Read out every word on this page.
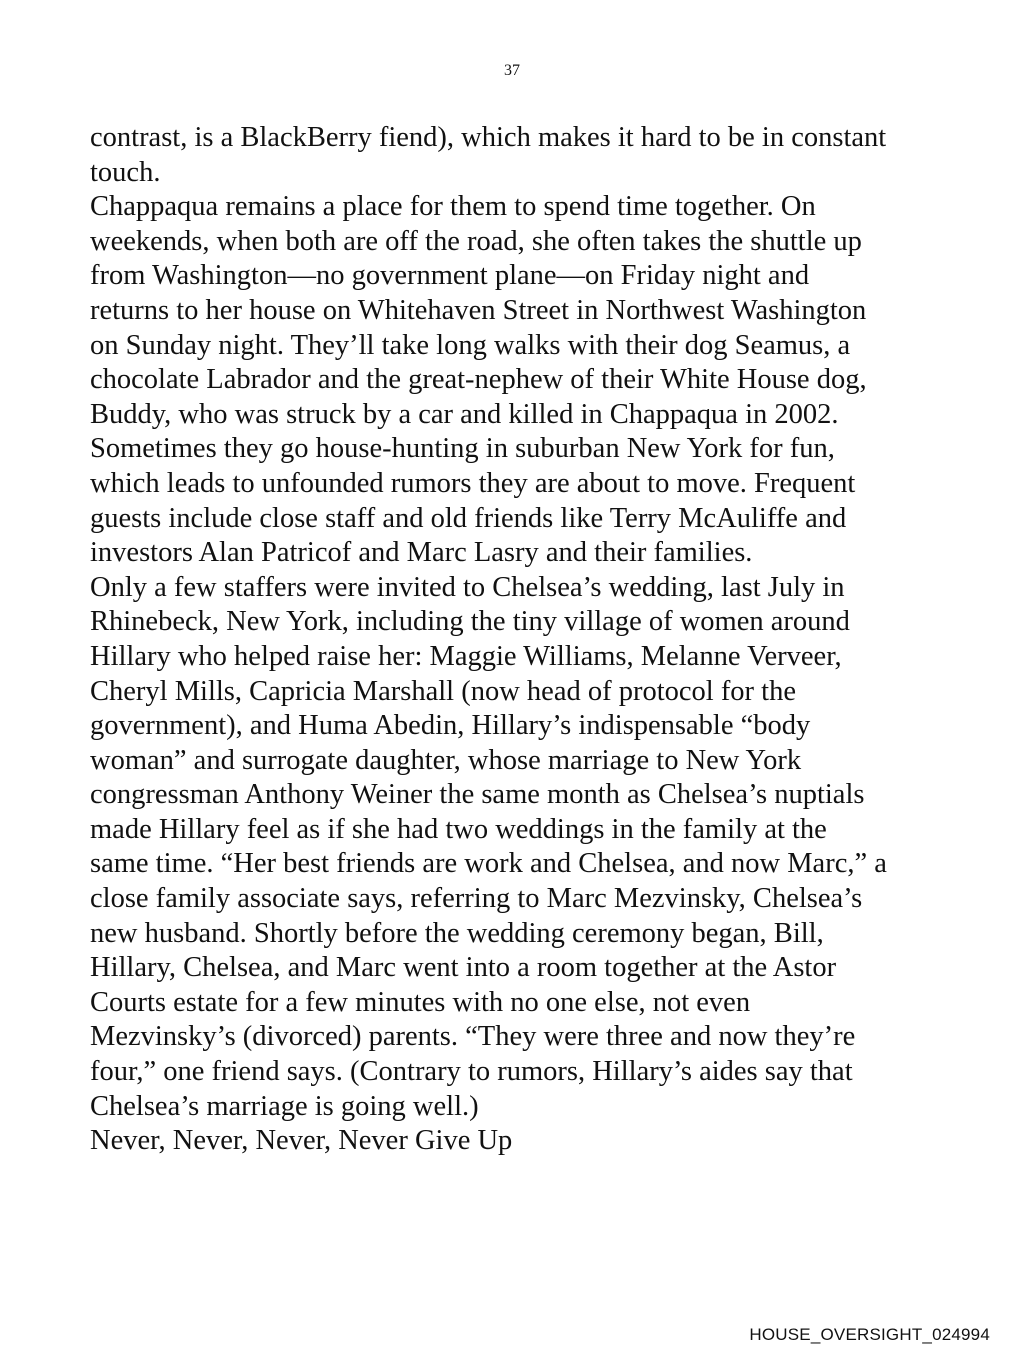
37
contrast, is a BlackBerry fiend), which makes it hard to be in constant
touch.
Chappaqua remains a place for them to spend time together. On
weekends, when both are off the road, she often takes the shuttle up
from Washington—no government plane—on Friday night and
returns to her house on Whitehaven Street in Northwest Washington
on Sunday night. They’ll take long walks with their dog Seamus, a
chocolate Labrador and the great-nephew of their White House dog,
Buddy, who was struck by a car and killed in Chappaqua in 2002.
Sometimes they go house-hunting in suburban New York for fun,
which leads to unfounded rumors they are about to move. Frequent
guests include close staff and old friends like Terry McAuliffe and
investors Alan Patricof and Marc Lasry and their families.
Only a few staffers were invited to Chelsea’s wedding, last July in
Rhinebeck, New York, including the tiny village of women around
Hillary who helped raise her: Maggie Williams, Melanne Verveer,
Cheryl Mills, Capricia Marshall (now head of protocol for the
government), and Huma Abedin, Hillary’s indispensable “body
woman” and surrogate daughter, whose marriage to New York
congressman Anthony Weiner the same month as Chelsea’s nuptials
made Hillary feel as if she had two weddings in the family at the
same time. “Her best friends are work and Chelsea, and now Marc,” a
close family associate says, referring to Marc Mezvinsky, Chelsea’s
new husband. Shortly before the wedding ceremony began, Bill,
Hillary, Chelsea, and Marc went into a room together at the Astor
Courts estate for a few minutes with no one else, not even
Mezvinsky’s (divorced) parents. “They were three and now they’re
four,” one friend says. (Contrary to rumors, Hillary’s aides say that
Chelsea’s marriage is going well.)
Never, Never, Never, Never Give Up
HOUSE_OVERSIGHT_024994
